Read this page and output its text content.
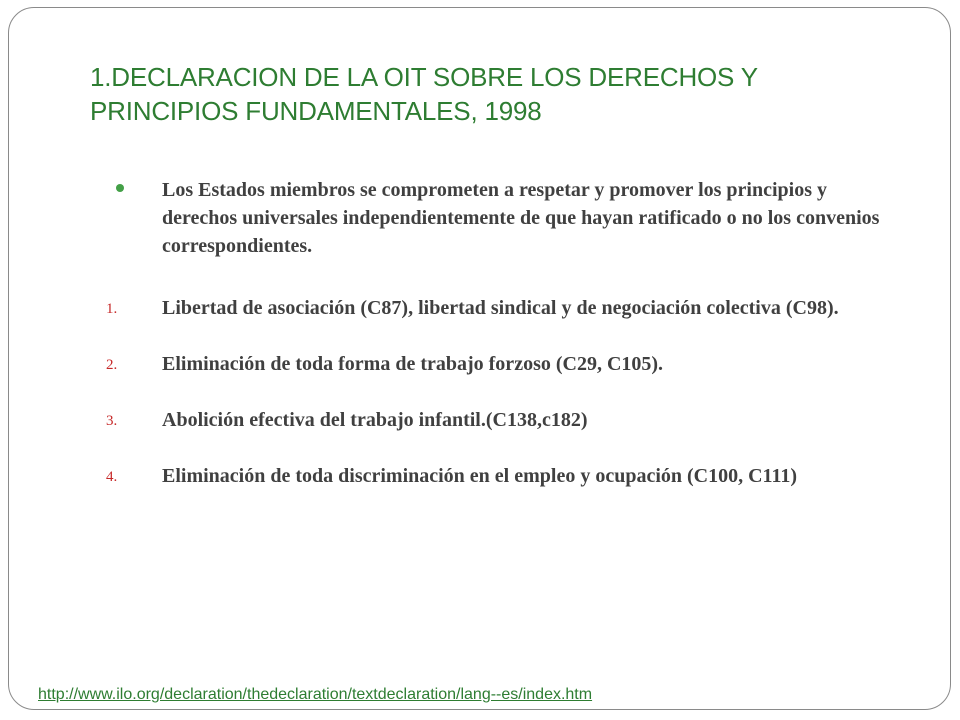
1.DECLARACION DE LA OIT SOBRE LOS DERECHOS Y PRINCIPIOS FUNDAMENTALES, 1998
Los Estados miembros se comprometen a respetar y promover los principios y derechos universales independientemente de que hayan ratificado o no los convenios correspondientes.
1.	Libertad de asociación (C87), libertad sindical y de negociación colectiva (C98).
2.	Eliminación de toda forma de trabajo forzoso (C29, C105).
3.	Abolición efectiva del trabajo infantil.(C138,c182)
4.	Eliminación de toda discriminación en el empleo y ocupación (C100, C111)
http://www.ilo.org/declaration/thedeclaration/textdeclaration/lang--es/index.htm
